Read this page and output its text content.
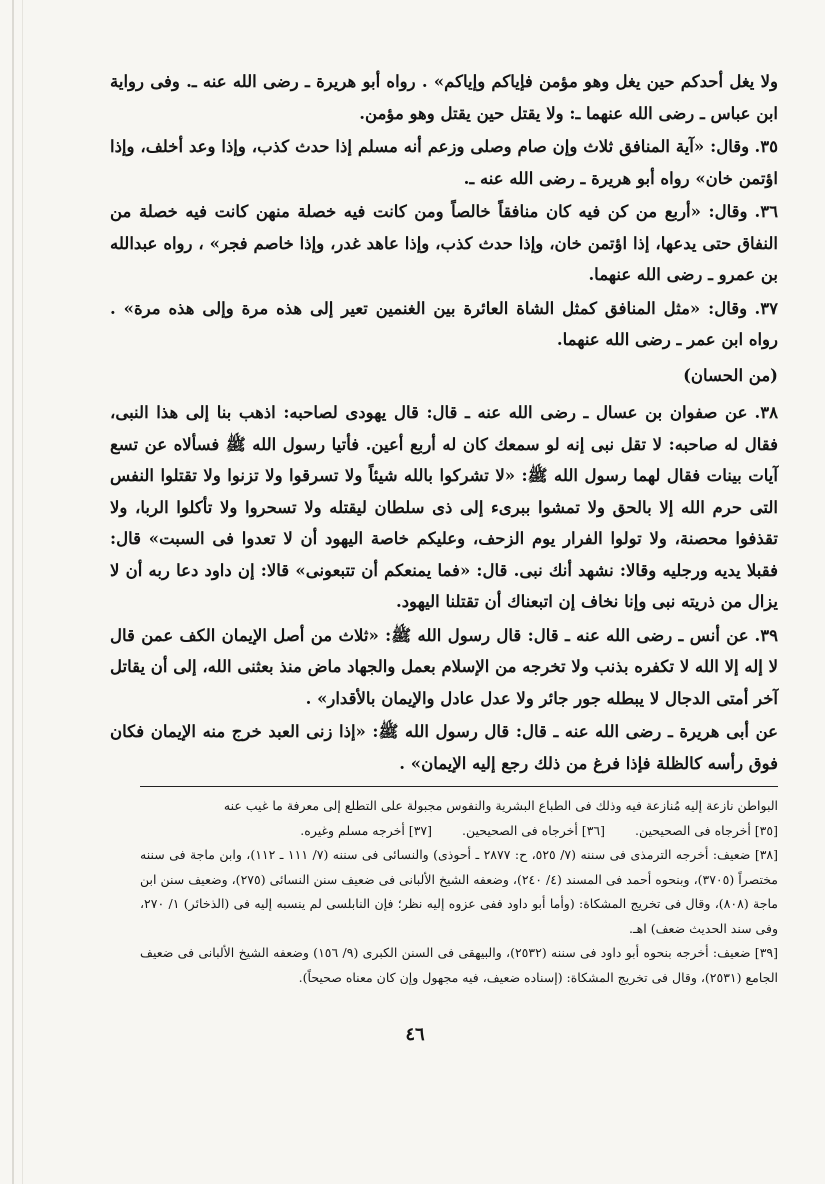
ولا يغل أحدكم حين يغل وهو مؤمن فإياكم وإياكم» . رواه أبو هريرة ـ رضى الله عنه ـ. وفى رواية ابن عباس ـ رضى الله عنهما ـ: ولا يقتل حين يقتل وهو مؤمن.

٣٥. وقال: «آية المنافق ثلاث وإن صام وصلى وزعم أنه مسلم إذا حدث كذب، وإذا وعد أخلف، وإذا اؤتمن خان» رواه أبو هريرة ـ رضى الله عنه ـ.

٣٦. وقال: «أربع من كن فيه كان منافقاً خالصاً ومن كانت فيه خصلة منهن كانت فيه خصلة من النفاق حتى يدعها، إذا اؤتمن خان، وإذا حدث كذب، وإذا عاهد غدر، وإذا خاصم فجر» ، رواه عبدالله بن عمرو ـ رضى الله عنهما.

٣٧. وقال: «مثل المنافق كمثل الشاة العائرة بين الغنمين تعير إلى هذه مرة وإلى هذه مرة» . رواه ابن عمر ـ رضى الله عنهما.

(من الحسان)

٣٨. عن صفوان بن عسال ـ رضى الله عنه ـ قال: قال يهودى لصاحبه: اذهب بنا إلى هذا النبى، فقال له صاحبه: لا تقل نبى إنه لو سمعك كان له أربع أعين. فأتيا رسول الله ﷺ فسألاه عن تسع آيات بينات فقال لهما رسول الله ﷺ: «لا تشركوا بالله شيئاً ولا تسرقوا ولا تزنوا ولا تقتلوا النفس التى حرم الله إلا بالحق ولا تمشوا ببرىء إلى ذى سلطان ليقتله ولا تسحروا ولا تأكلوا الربا، ولا تقذفوا محصنة، ولا تولوا الفرار يوم الزحف، وعليكم خاصة اليهود أن لا تعدوا فى السبت» قال: فقبلا يديه ورجليه وقالا: نشهد أنك نبى. قال: «فما يمنعكم أن تتبعونى» قالا: إن داود دعا ربه أن لا يزال من ذريته نبى وإنا نخاف إن اتبعناك أن تقتلنا اليهود.

٣٩. عن أنس ـ رضى الله عنه ـ قال: قال رسول الله ﷺ: «ثلاث من أصل الإيمان الكف عمن قال لا إله إلا الله لا تكفره بذنب ولا تخرجه من الإسلام بعمل والجهاد ماض منذ بعثنى الله، إلى أن يقاتل آخر أمتى الدجال لا يبطله جور جائر ولا عدل عادل والإيمان بالأقدار» .

عن أبى هريرة ـ رضى الله عنه ـ قال: قال رسول الله ﷺ: «إذا زنى العبد خرج منه الإيمان فكان فوق رأسه كالظلة فإذا فرغ من ذلك رجع إليه الإيمان» .

البواطن نازعة إليه مُنازعة فيه وذلك فى الطباع البشرية والنفوس مجبولة على التطلع إلى معرفة ما غيب عنه

[٣٥] أخرجاه فى الصحيحين. [٣٦] أخرجاه فى الصحيحين. [٣٧] أخرجه مسلم وغيره.

[٣٨] ضعيف: أخرجه الترمذى فى سننه (٧/ ٥٢٥، ح: ٢٨٧٧ ـ أحوذى) والنسائى فى سننه (٧/ ١١١ ـ ١١٢)، وابن ماجة فى سننه مختصراً (٣٧٠٥)، وبنحوه أحمد فى المسند (٤/ ٢٤٠)، وضعفه الشيخ الألبانى فى ضعيف سنن النسائى (٢٧٥)، وضعيف سنن ابن ماجة (٨٠٨)، وقال فى تخريج المشكاة: (وأما أبو داود ففى عزوه إليه نظر؛ فإن النابلسى لم ينسبه إليه فى (الذخائر) ١/ ٢٧٠، وفى سند الحديث ضعف) اهـ.

[٣٩] ضعيف: أخرجه بنحوه أبو داود فى سننه (٢٥٣٢)، والبيهقى فى السنن الكبرى (٩/ ١٥٦) وضعفه الشيخ الألبانى فى ضعيف الجامع (٢٥٣١)، وقال فى تخريج المشكاة: (إسناده ضعيف، فيه مجهول وإن كان معناه صحيحاً).

٤٦
